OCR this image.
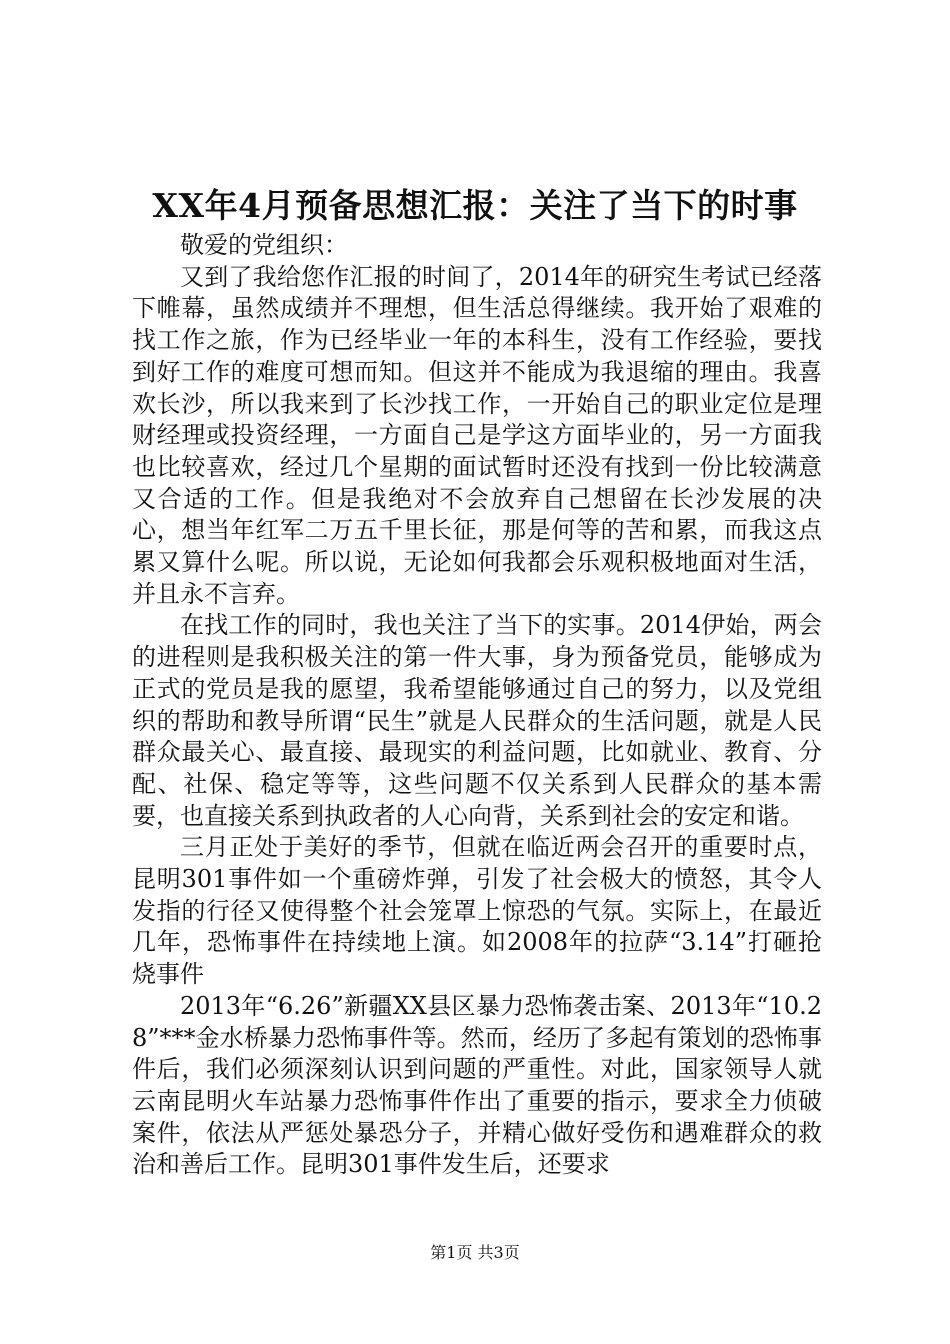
XX年4月预备思想汇报：关注了当下的时事

敬爱的党组织：

又到了我给您作汇报的时间了，2014年的研究生考试已经落下帷幕，虽然成绩并不理想，但生活总得继续。我开始了艰难的找工作之旅，作为已经毕业一年的本科生，没有工作经验，要找到好工作的难度可想而知。但这并不能成为我退缩的理由。我喜欢长沙，所以我来到了长沙找工作，一开始自己的职业定位是理财经理或投资经理，一方面自己是学这方面毕业的，另一方面我也比较喜欢，经过几个星期的面试暂时还没有找到一份比较满意又合适的工作。但是我绝对不会放弃自己想留在长沙发展的决心，想当年红军二万五千里长征，那是何等的苦和累，而我这点累又算什么呢。所以说，无论如何我都会乐观积极地面对生活，并且永不言弃。

在找工作的同时，我也关注了当下的实事。2014伊始，两会的进程则是我积极关注的第一件大事，身为预备党员，能够成为正式的党员是我的愿望，我希望能够通过自己的努力，以及党组织的帮助和教导所谓“民生”就是人民群众的生活问题，就是人民群众最关心、最直接、最现实的利益问题，比如就业、教育、分配、社保、稳定等等，这些问题不仅关系到人民群众的基本需要，也直接关系到执政者的人心向背，关系到社会的安定和谐。

三月正处于美好的季节，但就在临近两会召开的重要时点，昆明301事件如一个重磅炸弹，引发了社会极大的愤怒，其令人发指的行径又使得整个社会笼罩上惊恐的气氛。实际上，在最近几年，恐怖事件在持续地上演。如2008年的拉萨“3.14”打砸抢烧事件

2013年“6.26”新疆XX县区暴力恐怖袭击案、2013年“10.28”***金水桥暴力恐怖事件等。然而，经历了多起有策划的恐怖事件后，我们必须深刻认识到问题的严重性。对此，国家领导人就云南昆明火车站暴力恐怖事件作出了重要的指示，要求全力侦破案件，依法从严惩处暴恐分子，并精心做好受伤和遇难群众的救治和善后工作。昆明301事件发生后，还要求

第1页 共3页
